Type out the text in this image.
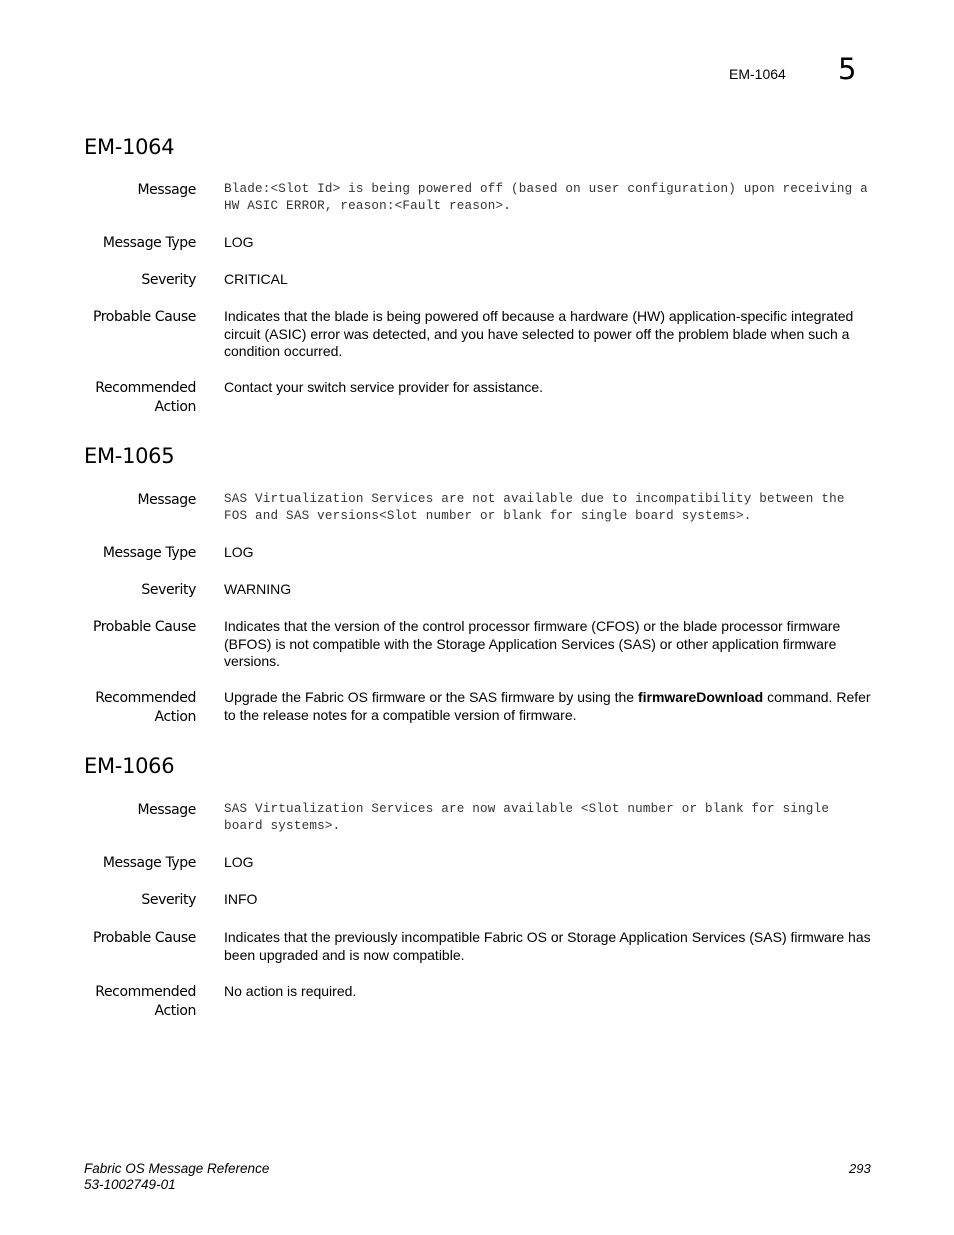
EM-1064 5
EM-1064
Message Blade:<Slot Id> is being powered off (based on user configuration) upon receiving a HW ASIC ERROR, reason:<Fault reason>.
Message Type LOG
Severity CRITICAL
Probable Cause Indicates that the blade is being powered off because a hardware (HW) application-specific integrated circuit (ASIC) error was detected, and you have selected to power off the problem blade when such a condition occurred.
Recommended
Action
Contact your switch service provider for assistance.
EM-1065
Message SAS Virtualization Services are not available due to incompatibility between the FOS and SAS versions<Slot number or blank for single board systems>.
Message Type LOG
Severity WARNING
Probable Cause Indicates that the version of the control processor firmware (CFOS) or the blade processor firmware (BFOS) is not compatible with the Storage Application Services (SAS) or other application firmware versions.
Recommended
Action
Upgrade the Fabric OS firmware or the SAS firmware by using the firmwareDownload command. Refer to the release notes for a compatible version of firmware.
EM-1066
Message SAS Virtualization Services are now available <Slot number or blank for single board systems>.
Message Type LOG
Severity INFO
Probable Cause Indicates that the previously incompatible Fabric OS or Storage Application Services (SAS) firmware has been upgraded and is now compatible.
Recommended
Action
No action is required.
Fabric OS Message Reference
53-1002749-01
293
